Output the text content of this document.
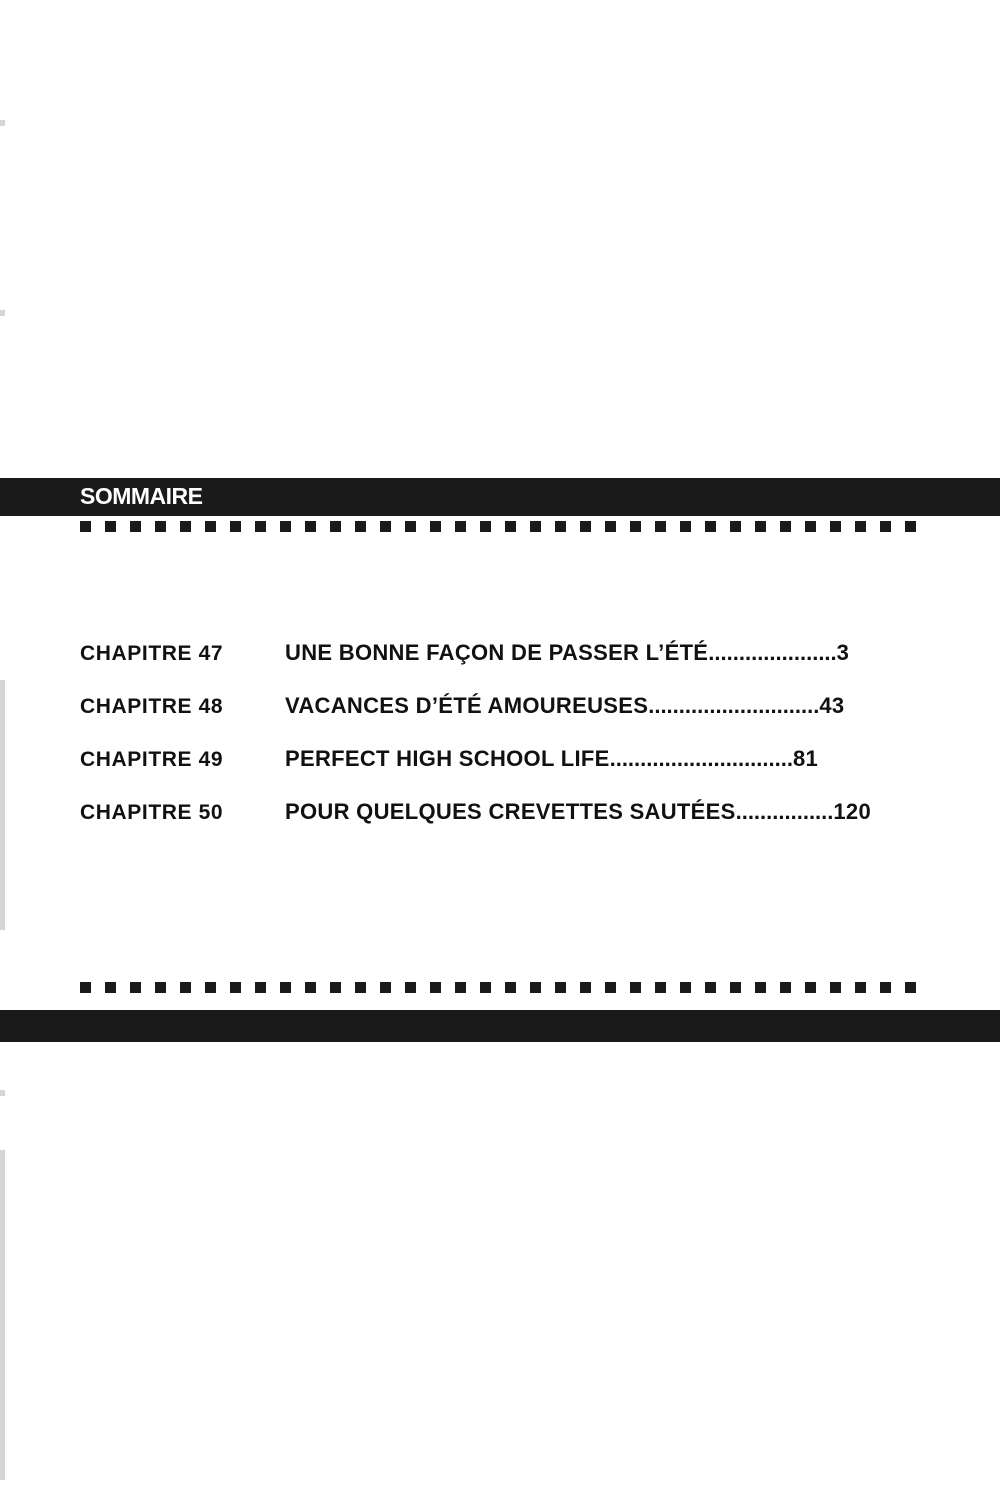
SOMMAIRE
CHAPITRE 47	UNE BONNE FAÇON DE PASSER L’ÉTÉ.....................3
CHAPITRE 48	VACANCES D’ÉTÉ AMOUREUSES............................43
CHAPITRE 49	PERFECT HIGH SCHOOL LIFE..............................81
CHAPITRE 50	POUR QUELQUES CREVETTES SAUTÉES................120
